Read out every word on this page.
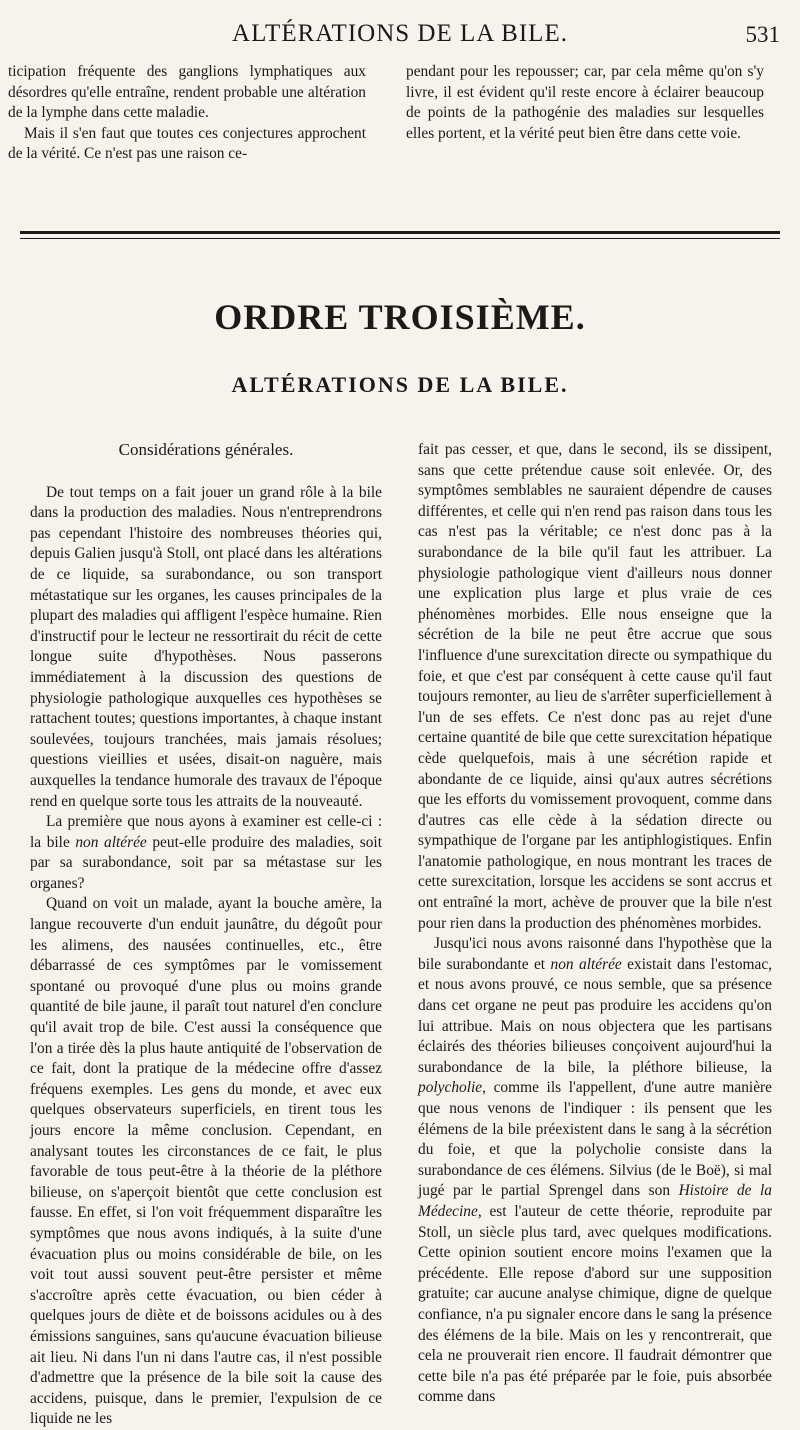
ALTÉRATIONS DE LA BILE.	531

ticipation fréquente des ganglions lymphatiques aux désordres qu'elle entraîne, rendent probable une altération de la lymphe dans cette maladie.

Mais il s'en faut que toutes ces conjectures approchent de la vérité. Ce n'est pas une raison ce-

pendant pour les repousser; car, par cela même qu'on s'y livre, il est évident qu'il reste encore à éclairer beaucoup de points de la pathogénie des maladies sur lesquelles elles portent, et la vérité peut bien être dans cette voie.

ORDRE TROISIÈME.
ALTÉRATIONS DE LA BILE.

Considérations générales.

De tout temps on a fait jouer un grand rôle à la bile dans la production des maladies. Nous n'entreprendrons pas cependant l'histoire des nombreuses théories qui, depuis Galien jusqu'à Stoll, ont placé dans les altérations de ce liquide, sa surabondance, ou son transport métastatique sur les organes, les causes principales de la plupart des maladies qui affligent l'espèce humaine. Rien d'instructif pour le lecteur ne ressortirait du récit de cette longue suite d'hypothèses. Nous passerons immédiatement à la discussion des questions de physiologie pathologique auxquelles ces hypothèses se rattachent toutes; questions importantes, à chaque instant soulevées, toujours tranchées, mais jamais résolues; questions vieillies et usées, disait-on naguère, mais auxquelles la tendance humorale des travaux de l'époque rend en quelque sorte tous les attraits de la nouveauté.

La première que nous ayons à examiner est celle-ci : la bile non altérée peut-elle produire des maladies, soit par sa surabondance, soit par sa métastase sur les organes?

Quand on voit un malade, ayant la bouche amère, la langue recouverte d'un enduit jaunâtre, du dégoût pour les alimens, des nausées continuelles, etc., être débarrassé de ces symptômes par le vomissement spontané ou provoqué d'une plus ou moins grande quantité de bile jaune, il paraît tout naturel d'en conclure qu'il avait trop de bile. C'est aussi la conséquence que l'on a tirée dès la plus haute antiquité de l'observation de ce fait, dont la pratique de la médecine offre d'assez fréquens exemples. Les gens du monde, et avec eux quelques observateurs superficiels, en tirent tous les jours encore la même conclusion. Cependant, en analysant toutes les circonstances de ce fait, le plus favorable de tous peut-être à la théorie de la pléthore bilieuse, on s'aperçoit bientôt que cette conclusion est fausse. En effet, si l'on voit fréquemment disparaître les symptômes que nous avons indiqués, à la suite d'une évacuation plus ou moins considérable de bile, on les voit tout aussi souvent peut-être persister et même s'accroître après cette évacuation, ou bien céder à quelques jours de diète et de boissons acidules ou à des émissions sanguines, sans qu'aucune évacuation bilieuse ait lieu. Ni dans l'un ni dans l'autre cas, il n'est possible d'admettre que la présence de la bile soit la cause des accidens, puisque, dans le premier, l'expulsion de ce liquide ne les

fait pas cesser, et que, dans le second, ils se dissipent, sans que cette prétendue cause soit enlevée. Or, des symptômes semblables ne sauraient dépendre de causes différentes, et celle qui n'en rend pas raison dans tous les cas n'est pas la véritable; ce n'est donc pas à la surabondance de la bile qu'il faut les attribuer. La physiologie pathologique vient d'ailleurs nous donner une explication plus large et plus vraie de ces phénomènes morbides. Elle nous enseigne que la sécrétion de la bile ne peut être accrue que sous l'influence d'une surexcitation directe ou sympathique du foie, et que c'est par conséquent à cette cause qu'il faut toujours remonter, au lieu de s'arrêter superficiellement à l'un de ses effets. Ce n'est donc pas au rejet d'une certaine quantité de bile que cette surexcitation hépatique cède quelquefois, mais à une sécrétion rapide et abondante de ce liquide, ainsi qu'aux autres sécrétions que les efforts du vomissement provoquent, comme dans d'autres cas elle cède à la sédation directe ou sympathique de l'organe par les antiphlogistiques. Enfin l'anatomie pathologique, en nous montrant les traces de cette surexcitation, lorsque les accidens se sont accrus et ont entraîné la mort, achève de prouver que la bile n'est pour rien dans la production des phénomènes morbides.

Jusqu'ici nous avons raisonné dans l'hypothèse que la bile surabondante et non altérée existait dans l'estomac, et nous avons prouvé, ce nous semble, que sa présence dans cet organe ne peut pas produire les accidens qu'on lui attribue. Mais on nous objectera que les partisans éclairés des théories bilieuses conçoivent aujourd'hui la surabondance de la bile, la pléthore bilieuse, la polycholie, comme ils l'appellent, d'une autre manière que nous venons de l'indiquer : ils pensent que les élémens de la bile préexistent dans le sang à la sécrétion du foie, et que la polycholie consiste dans la surabondance de ces élémens. Silvius (de le Boë), si mal jugé par le partial Sprengel dans son Histoire de la Médecine, est l'auteur de cette théorie, reproduite par Stoll, un siècle plus tard, avec quelques modifications. Cette opinion soutient encore moins l'examen que la précédente. Elle repose d'abord sur une supposition gratuite; car aucune analyse chimique, digne de quelque confiance, n'a pu signaler encore dans le sang la présence des élémens de la bile. Mais on les y rencontrerait, que cela ne prouverait rien encore. Il faudrait démontrer que cette bile n'a pas été préparée par le foie, puis absorbée comme dans
